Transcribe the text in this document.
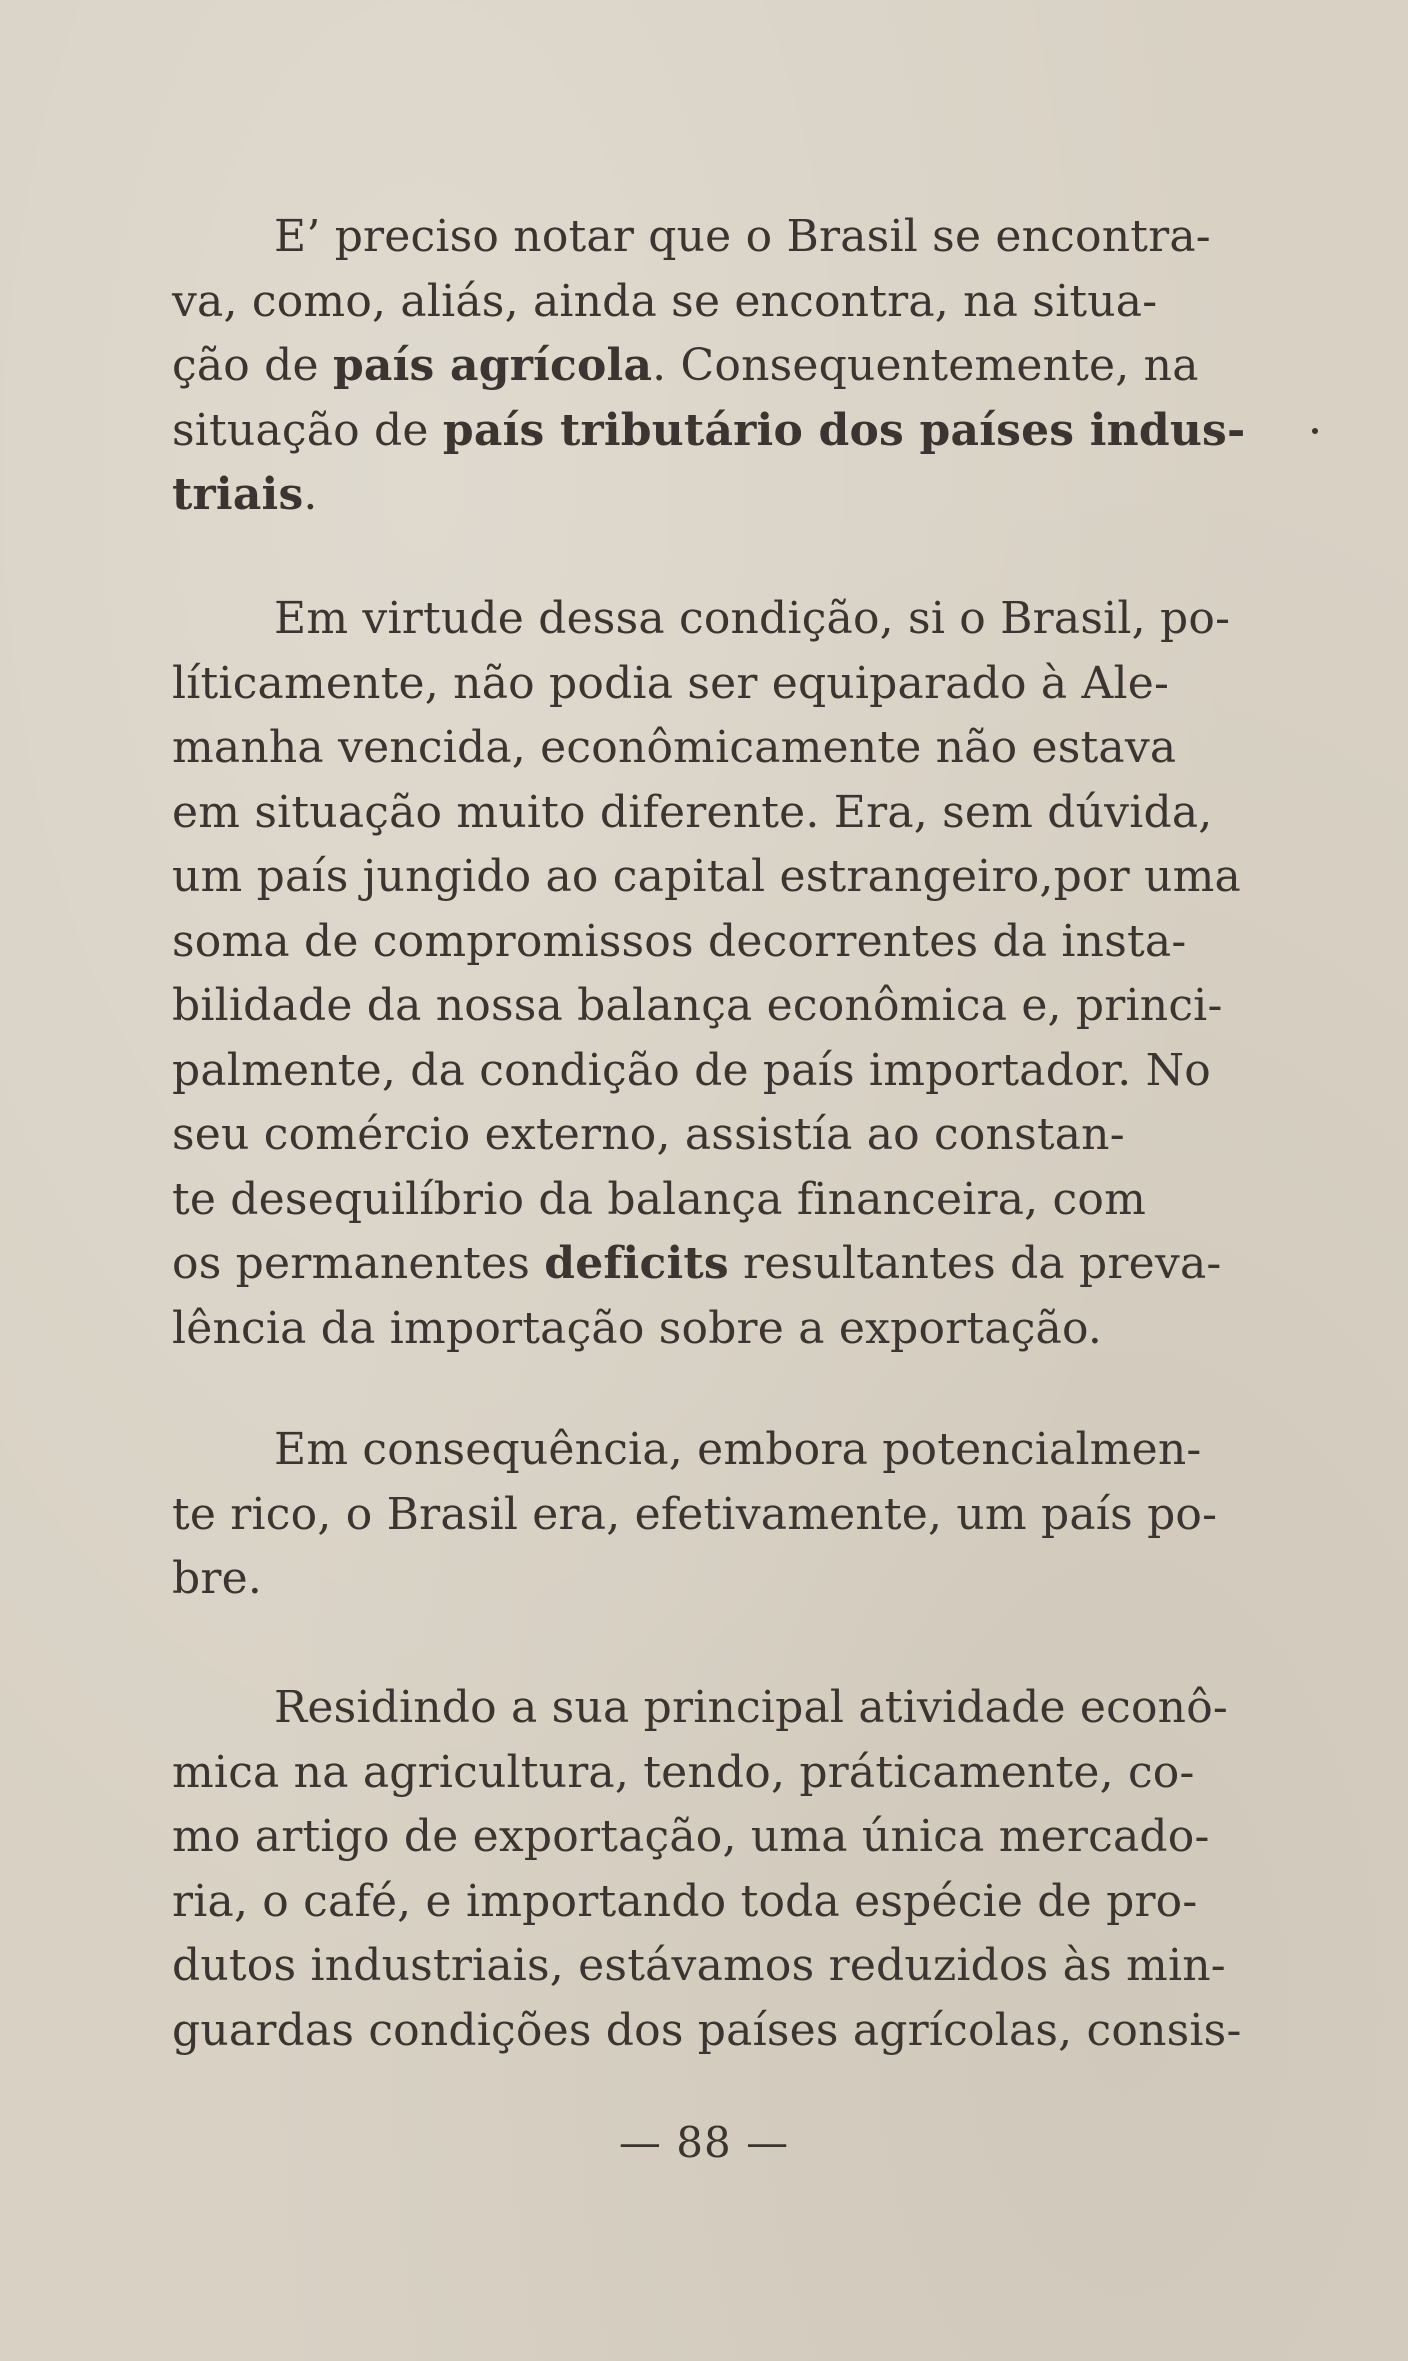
E’ preciso notar que o Brasil se encontra-
va, como, aliás, ainda se encontra, na situa-
ção de país agrícola. Consequentemente, na
situação de país tributário dos países indus-
triais.

Em virtude dessa condição, si o Brasil, po-
líticamente, não podia ser equiparado à Ale-
manha vencida, econômicamente não estava
em situação muito diferente. Era, sem dúvida,
um país jungido ao capital estrangeiro,por uma
soma de compromissos decorrentes da insta-
bilidade da nossa balança econômica e, princi-
palmente, da condição de país importador. No
seu comércio externo, assistía ao constan-
te desequilíbrio da balança financeira, com
os permanentes deficits resultantes da preva-
lência da importação sobre a exportação.

Em consequência, embora potencialmen-
te rico, o Brasil era, efetivamente, um país po-
bre.

Residindo a sua principal atividade econô-
mica na agricultura, tendo, práticamente, co-
mo artigo de exportação, uma única mercado-
ria, o café, e importando toda espécie de pro-
dutos industriais, estávamos reduzidos às min-
guardas condições dos países agrícolas, consis-

— 88 —
